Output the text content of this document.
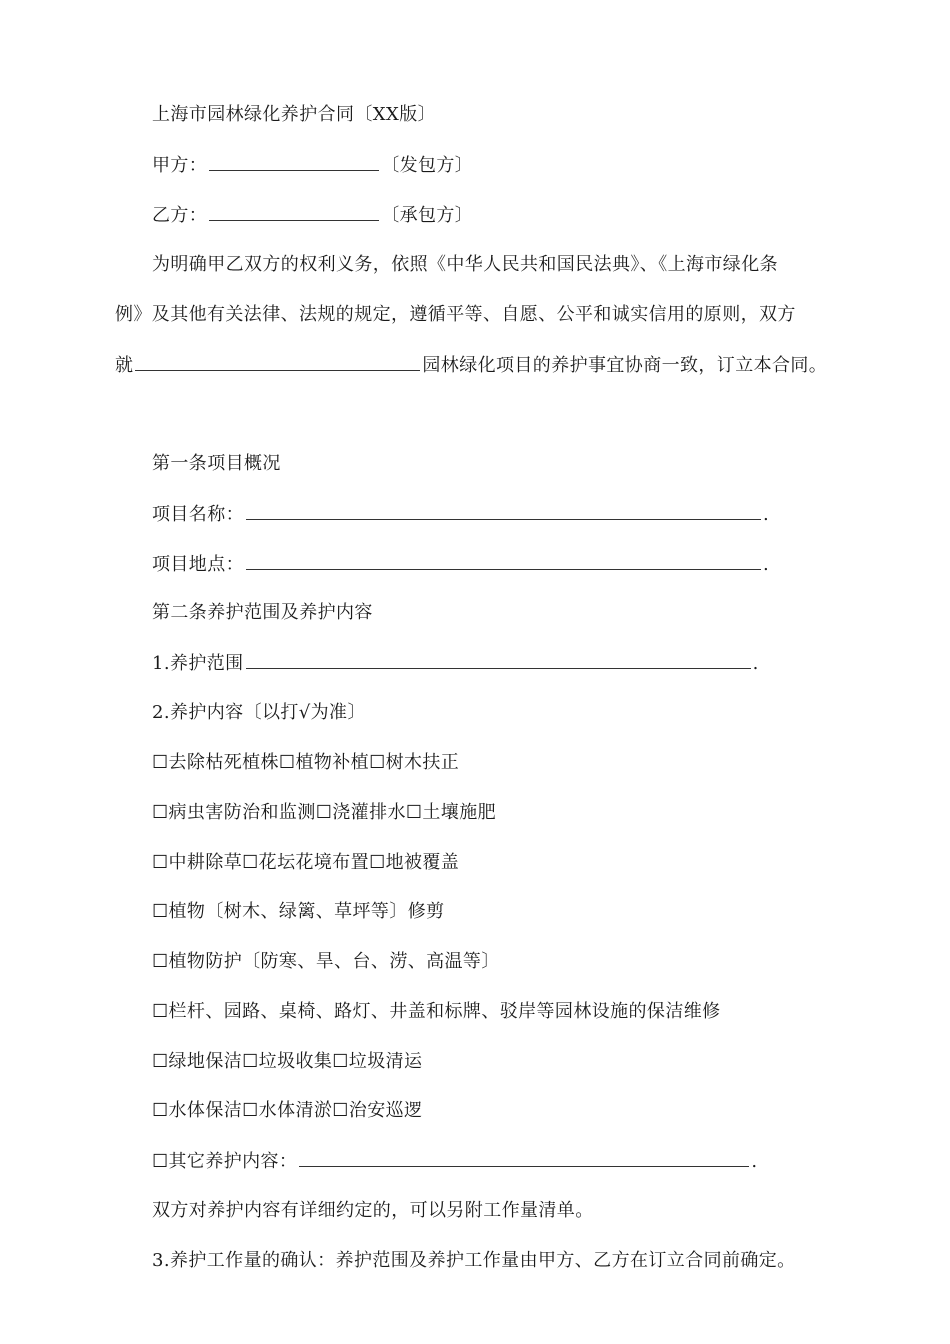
上海市园林绿化养护合同〔XX版〕
甲方：	〔发包方〕
乙方：	〔承包方〕
为明确甲乙双方的权利义务，依照《中华人民共和国民法典》、《上海市绿化条
例》及其他有关法律、法规的规定，遵循平等、自愿、公平和诚实信用的原则，双方
就	园林绿化项目的养护事宜协商一致，订立本合同。
第一条项目概况
项目名称：	.
项目地点：	.
第二条养护范围及养护内容
1.养护范围	.
2.养护内容〔以打√为准〕
☐去除枯死植株☐植物补植☐树木扶正
☐病虫害防治和监测☐浇灌排水☐土壤施肥
☐中耕除草☐花坛花境布置☐地被覆盖
☐植物〔树木、绿篱、草坪等〕修剪
☐植物防护〔防寒、旱、台、涝、高温等〕
☐栏杆、园路、桌椅、路灯、井盖和标牌、驳岸等园林设施的保洁维修
☐绿地保洁☐垃圾收集☐垃圾清运
☐水体保洁☐水体清淤☐治安巡逻
☐其它养护内容：	.
双方对养护内容有详细约定的，可以另附工作量清单。
3.养护工作量的确认：养护范围及养护工作量由甲方、乙方在订立合同前确定。
